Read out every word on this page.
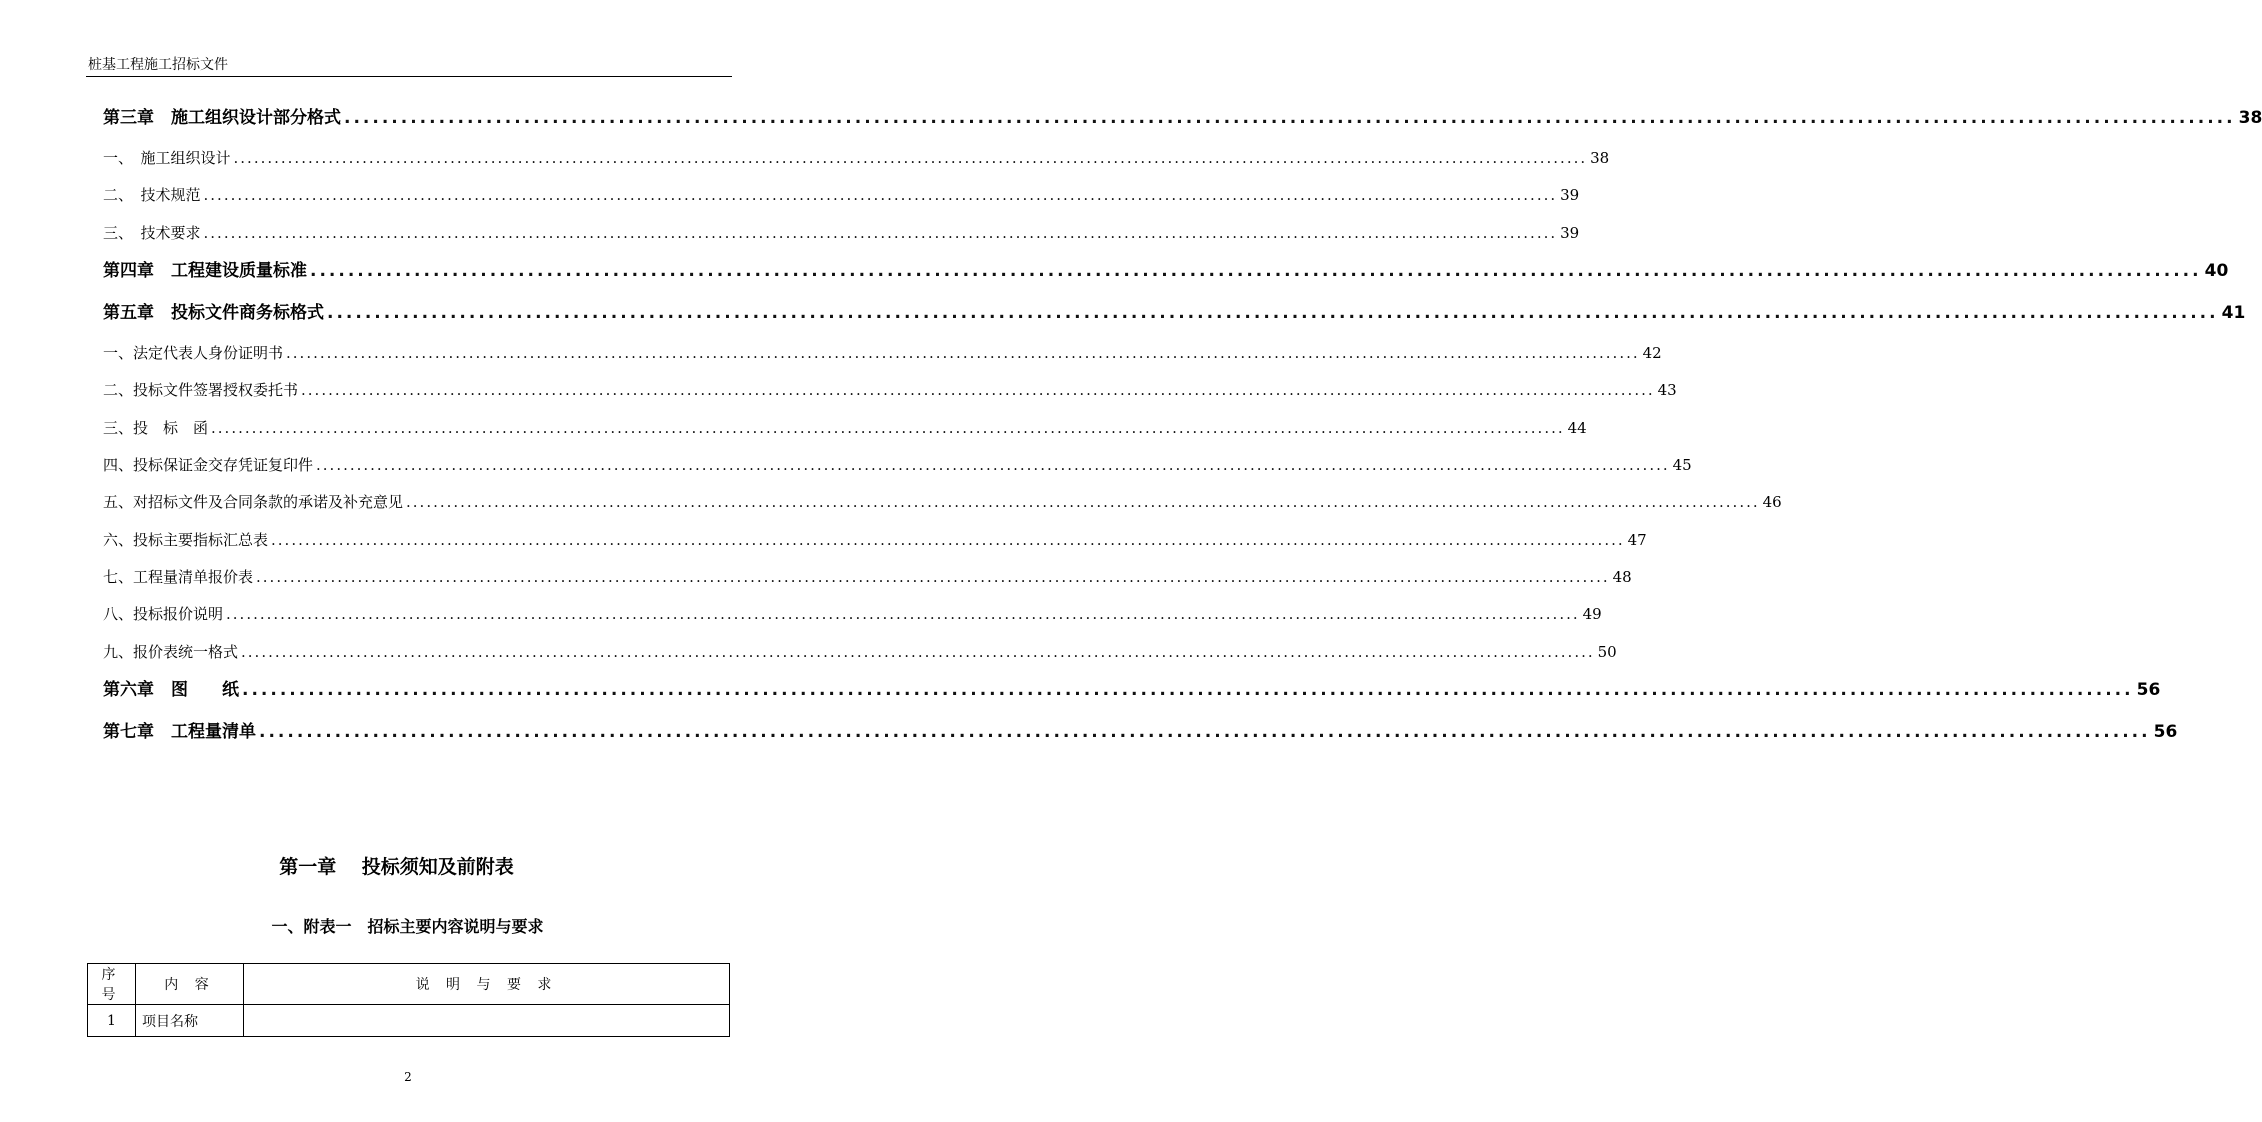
桩基工程施工招标文件
第三章　施工组织设计部分格式 ........................................................................................................................................................................................................ 38
一、　施工组织设计 ........................................................................................................................................................................................................ 38
二、　技术规范 ........................................................................................................................................................................................................ 39
三、　技术要求 ........................................................................................................................................................................................................ 39
第四章　工程建设质量标准 ........................................................................................................................................................................................................ 40
第五章　投标文件商务标格式 ........................................................................................................................................................................................................ 41
一、法定代表人身份证明书 ........................................................................................................................................................................................................ 42
二、投标文件签署授权委托书 ........................................................................................................................................................................................................ 43
三、投　标　函 ........................................................................................................................................................................................................ 44
四、投标保证金交存凭证复印件 ........................................................................................................................................................................................................ 45
五、对招标文件及合同条款的承诺及补充意见 ........................................................................................................................................................................................................ 46
六、投标主要指标汇总表 ........................................................................................................................................................................................................ 47
七、工程量清单报价表 ........................................................................................................................................................................................................ 48
八、投标报价说明 ........................................................................................................................................................................................................ 49
九、报价表统一格式 ........................................................................................................................................................................................................ 50
第六章　图　　纸 ........................................................................................................................................................................................................ 56
第七章　工程量清单 ........................................................................................................................................................................................................ 56
第一章　 投标须知及前附表
一、附表一　招标主要内容说明与要求
序号	内 容	说 明 与 要 求
1	项目名称	
2
